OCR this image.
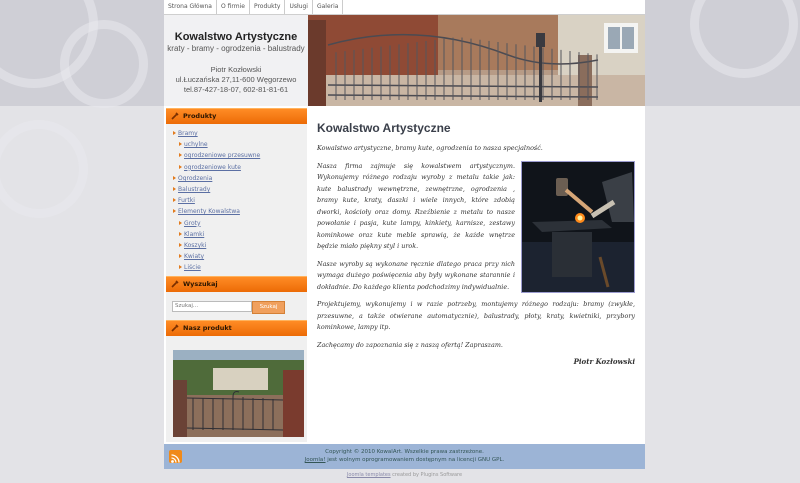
Strona Główna	O firmie	Produkty	Usługi	Galeria
Kowalstwo Artystyczne
kraty - bramy - ogrodzenia - balustrady
Piotr Kozłowski
ul.Łuczańska 27,11-600 Węgorzewo
tel.87-427-18-07, 602-81-81-61
Produkty
Bramy
uchylne
ogrodzeniowe przesuwne
ogrodzeniowe kute
Ogrodzenia
Balustrady
Furtki
Elementy Kowalstwa
Groty
Klamki
Koszyki
Kwiaty
Liście
Wyszukaj
Szukaj...	Szukaj
Nasz produkt
Kowalstwo Artystyczne

Kowalstwo artystyczne, bramy kute, ogrodzenia to nasza specjalność.

Nasza firma zajmuje się kowalstwem artystycznym. Wykonujemy różnego rodzaju wyroby z metalu takie jak: kute balustrady wewnętrzne, zewnętrzne, ogrodzenia , bramy kute, kraty, daszki i wiele innych, które zdobią dworki, kościoły oraz domy. Rzeźbienie z metalu to nasze powołanie i pasja, kute lampy, kinkiety, karnisze, zestawy kominkowe oraz kute meble sprawią, że każde wnętrze będzie miało piękny styl i urok.

Nasze wyroby są wykonane ręcznie dlatego praca przy nich wymaga dużego poświęcenia aby były wykonane starannie i dokładnie. Do każdego klienta podchodzimy indywidualnie.

Projektujemy, wykonujemy i w razie potrzeby, montujemy różnego rodzaju: bramy (zwykłe, przesuwne, a także otwierane automatycznie), balustrady, płoty, kraty, kwietniki, przybory kominkowe, lampy itp.

Zachęcamy do zapoznania się z naszą ofertą! Zapraszam.

Piotr Kozłowski
Copyright © 2010 KowalArt. Wszelkie prawa zastrzeżone.
Joomla! jest wolnym oprogramowaniem dostępnym na licencji GNU GPL.
Joomla templates created by Plugins Software
